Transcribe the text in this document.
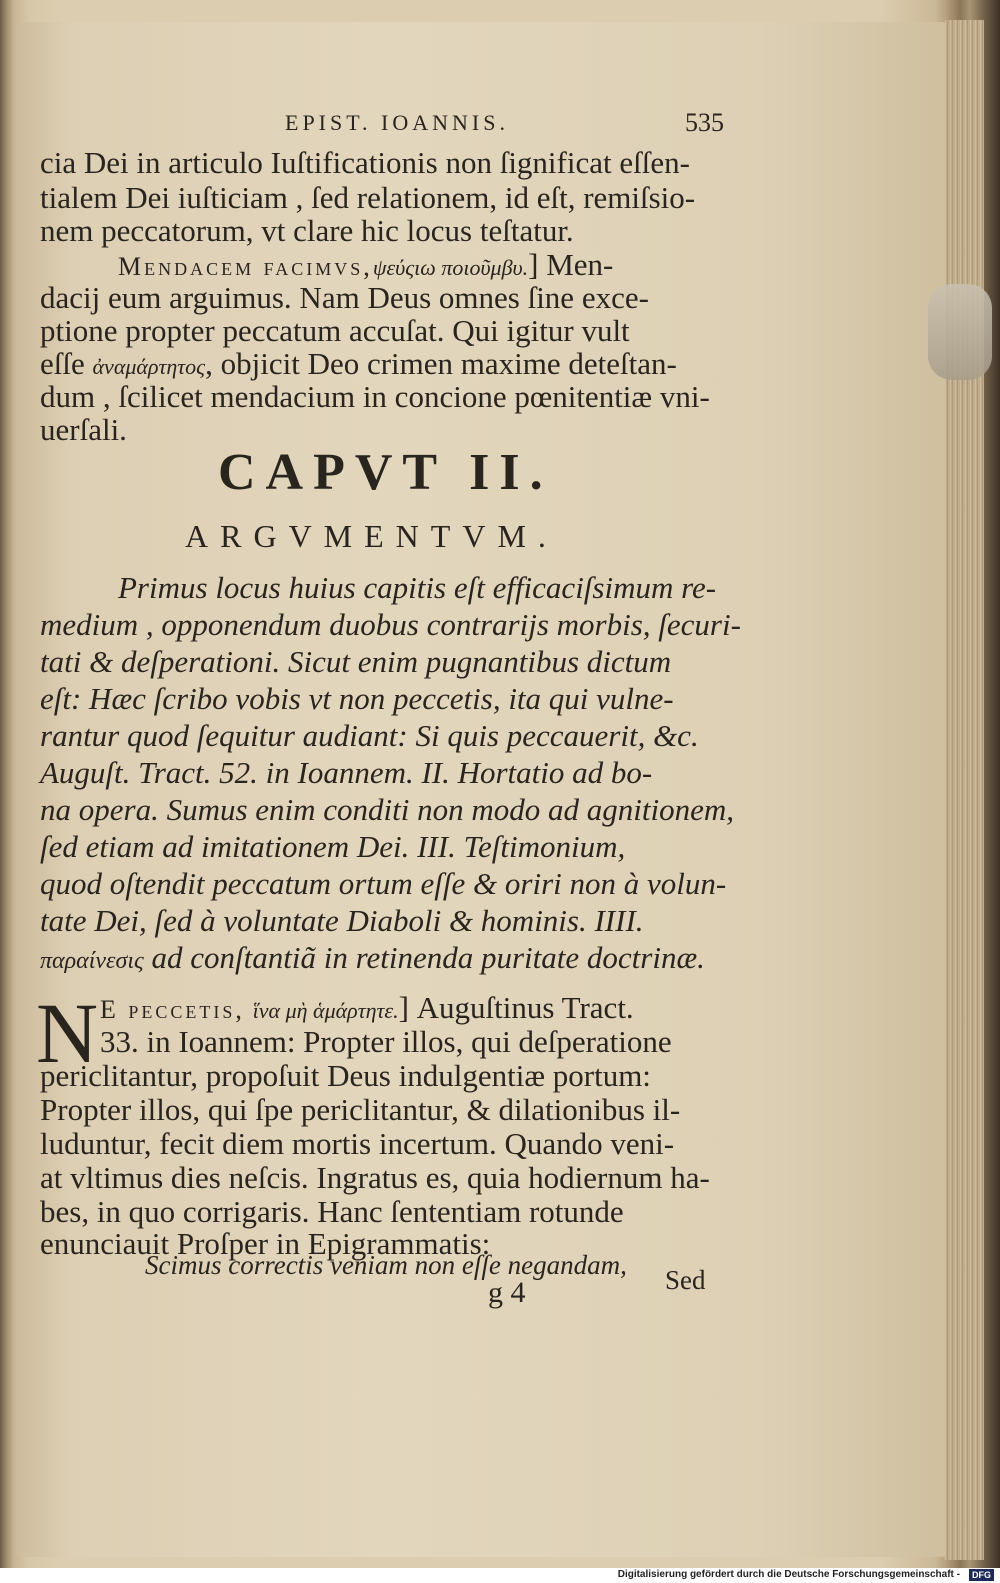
EPIST. IOANNIS.	535
cia Dei in articulo Iuſtificationis non ſignificat eſſen-
tialem Dei iuſticiam , ſed relationem, id eſt, remiſsio-
nem peccatorum, vt clare hic locus teſtatur.
Mendacem facimvs,ψεύςιω ποιοῦμβυ.] Men-
dacij eum arguimus. Nam Deus omnes ſine exce-
ptione propter peccatum accuſat. Qui igitur vult
eſſe ἀναμάρτητος, objicit Deo crimen maxime deteſtan-
dum , ſcilicet mendacium in concione pœnitentiæ vni-
uerſali.
CAPVT II.
ARGVMENTVM.
Primus locus huius capitis eſt efficaciſsimum re-
medium , opponendum duobus contrarijs morbis, ſecuri-
tati & deſperationi. Sicut enim pugnantibus dictum
eſt: Hæc ſcribo vobis vt non peccetis, ita qui vulne-
rantur quod ſequitur audiant: Si quis peccauerit, &c.
Auguſt. Tract. 52. in Ioannem. II. Hortatio ad bo-
na opera. Sumus enim conditi non modo ad agnitionem,
ſed etiam ad imitationem Dei. III. Teſtimonium,
quod oſtendit peccatum ortum eſſe & oriri non à volun-
tate Dei, ſed à voluntate Diaboli & hominis. IIII.
παραίνεσις ad conſtantiã in retinenda puritate doctrinæ.
N E peccetis, ἵνα μὴ ἁμάρτητε.] Auguſtinus Tract.
33. in Ioannem: Propter illos, qui deſperatione
periclitantur, propoſuit Deus indulgentiæ portum:
Propter illos, qui ſpe periclitantur, & dilationibus il-
luduntur, fecit diem mortis incertum. Quando veni-
at vltimus dies neſcis. Ingratus es, quia hodiernum ha-
bes, in quo corrigaris. Hanc ſententiam rotunde
enunciauit Proſper in Epigrammatis:
Scimus correctis veniam non eſſe negandam,
g 4	Sed
Digitalisierung gefördert durch die Deutsche Forschungsgemeinschaft -	DFG
